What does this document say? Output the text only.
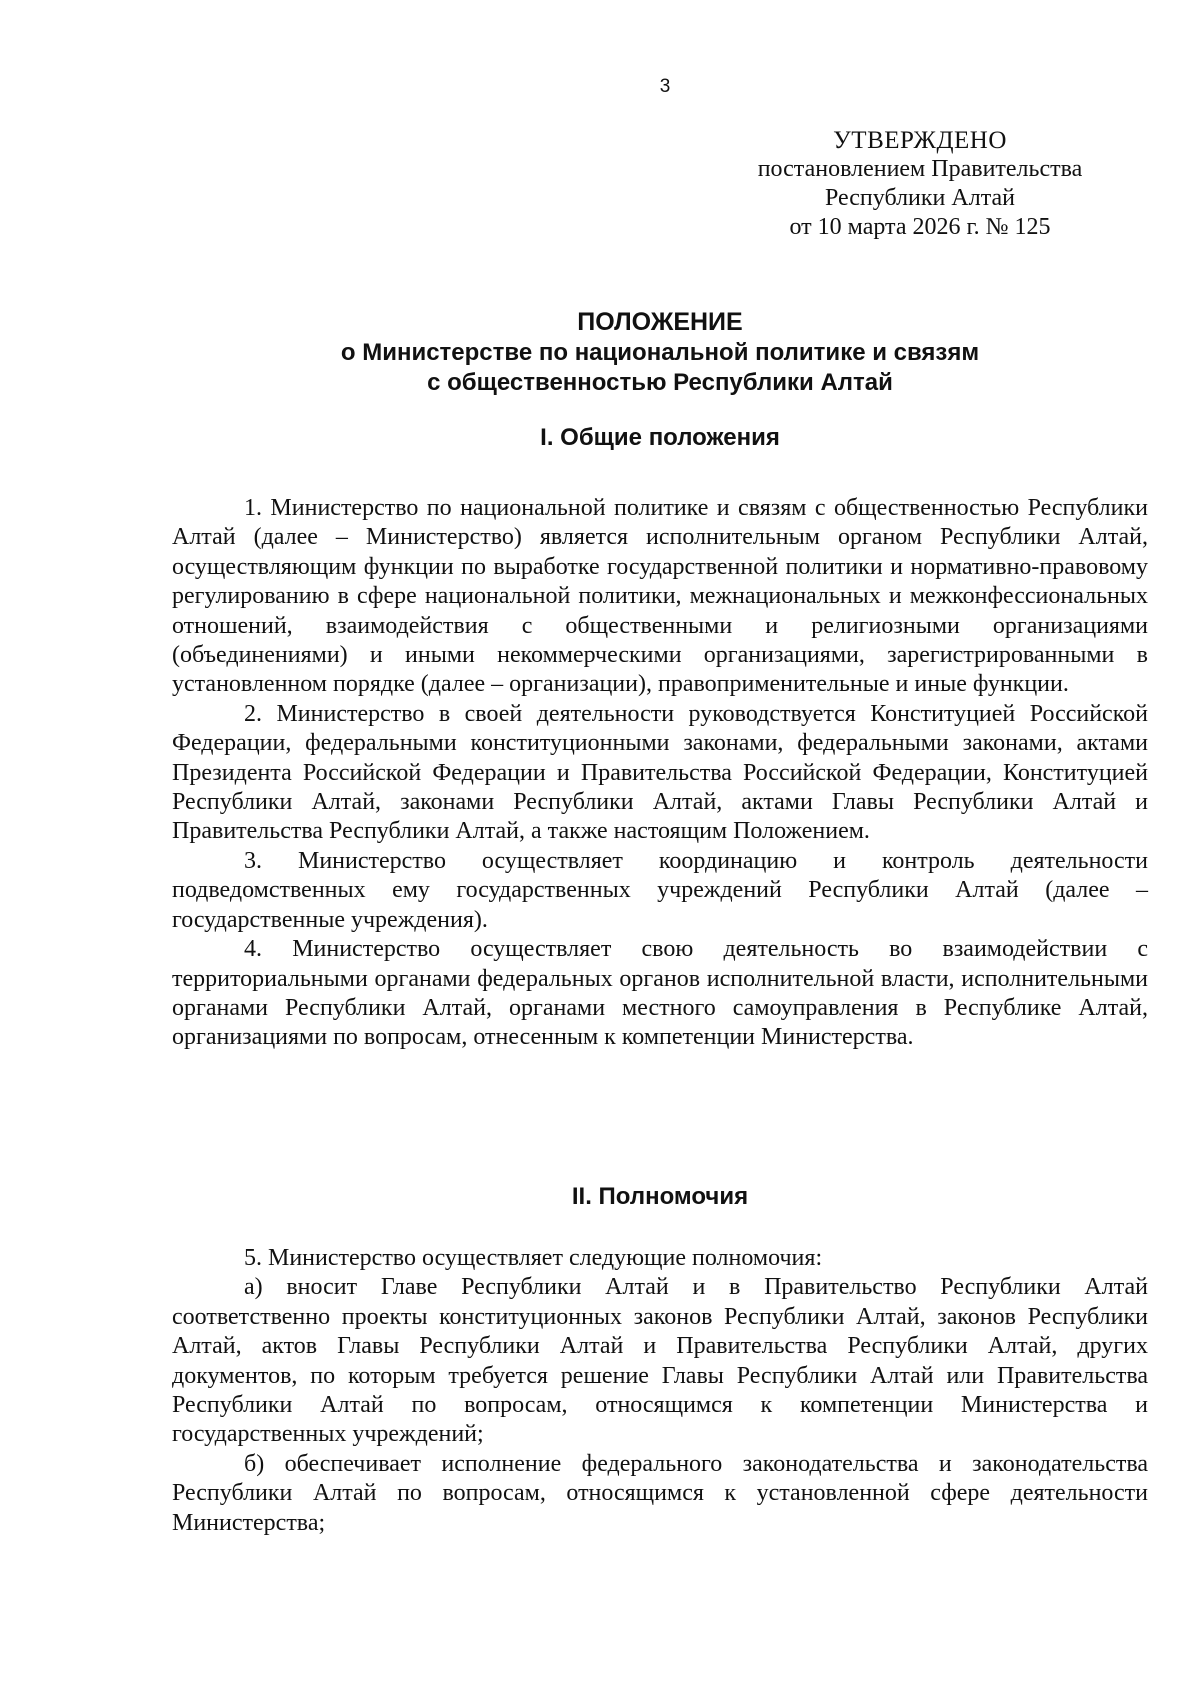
3
УТВЕРЖДЕНО
постановлением Правительства
Республики Алтай
от 10 марта 2026 г. № 125
ПОЛОЖЕНИЕ
о Министерстве по национальной политике и связям
с общественностью Республики Алтай
I. Общие положения

1. Министерство по национальной политике и связям с общественностью Республики Алтай (далее – Министерство) является исполнительным органом Республики Алтай, осуществляющим функции по выработке государственной политики и нормативно-правовому регулированию в сфере национальной политики, межнациональных и межконфессиональных отношений, взаимодействия с общественными и религиозными организациями (объединениями) и иными некоммерческими организациями, зарегистрированными в установленном порядке (далее – организации), правоприменительные и иные функции.

2. Министерство в своей деятельности руководствуется Конституцией Российской Федерации, федеральными конституционными законами, федеральными законами, актами Президента Российской Федерации и Правительства Российской Федерации, Конституцией Республики Алтай, законами Республики Алтай, актами Главы Республики Алтай и Правительства Республики Алтай, а также настоящим Положением.

3. Министерство осуществляет координацию и контроль деятельности подведомственных ему государственных учреждений Республики Алтай (далее – государственные учреждения).

4. Министерство осуществляет свою деятельность во взаимодействии с территориальными органами федеральных органов исполнительной власти, исполнительными органами Республики Алтай, органами местного самоуправления в Республике Алтай, организациями по вопросам, отнесенным к компетенции Министерства.

II. Полномочия

5. Министерство осуществляет следующие полномочия:

а) вносит Главе Республики Алтай и в Правительство Республики Алтай соответственно проекты конституционных законов Республики Алтай, законов Республики Алтай, актов Главы Республики Алтай и Правительства Республики Алтай, других документов, по которым требуется решение Главы Республики Алтай или Правительства Республики Алтай по вопросам, относящимся к компетенции Министерства и государственных учреждений;

б) обеспечивает исполнение федерального законодательства и законодательства Республики Алтай по вопросам, относящимся к установленной сфере деятельности Министерства;
